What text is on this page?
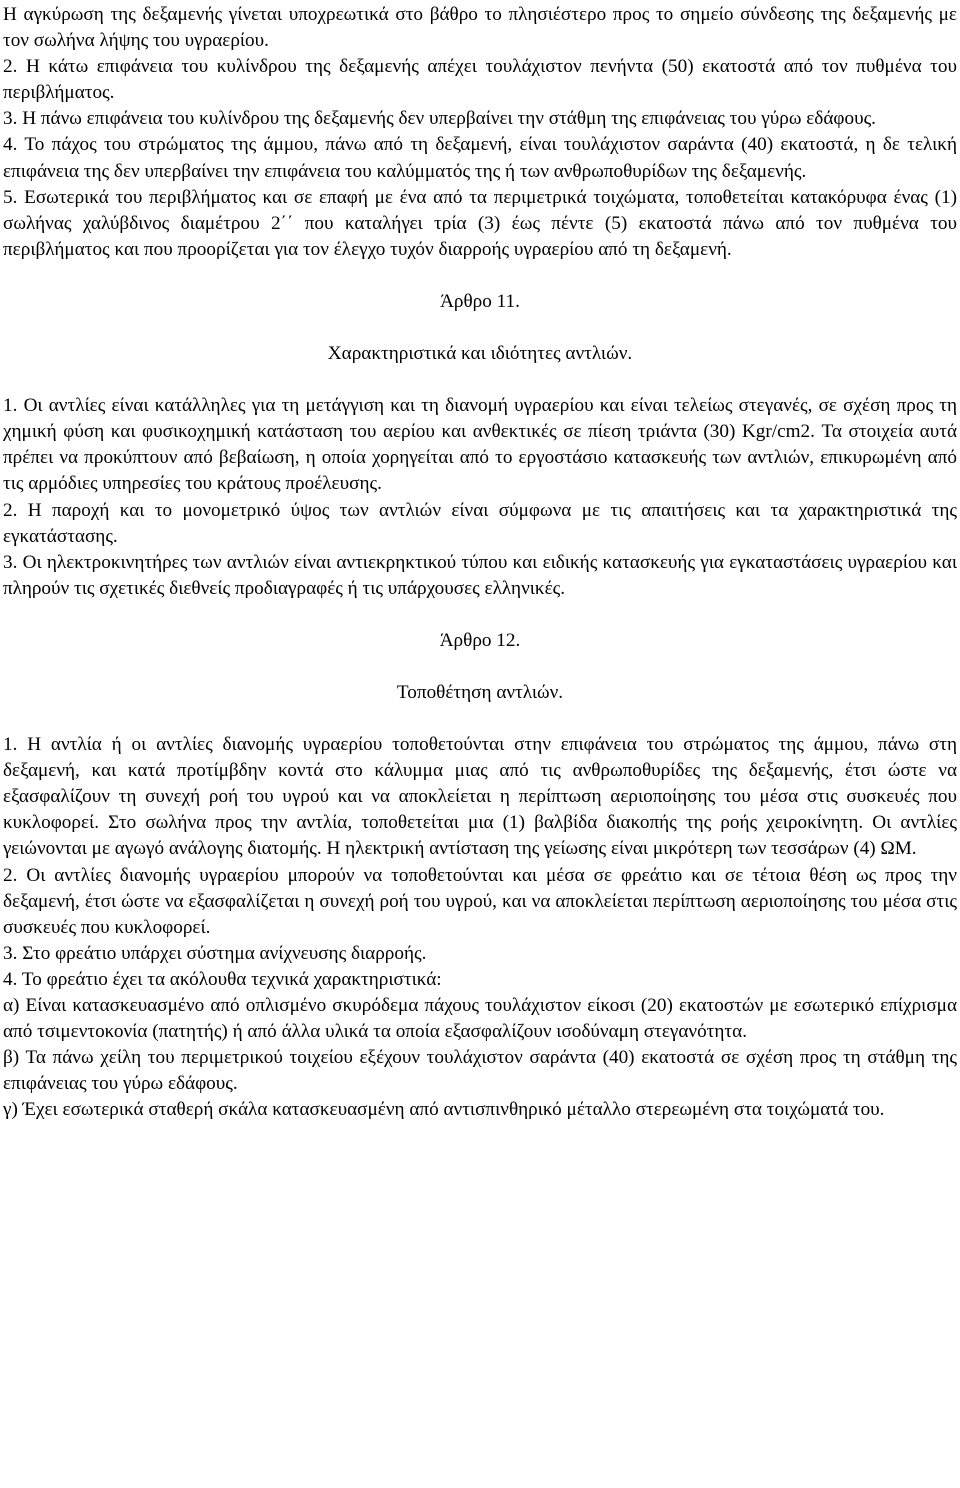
Η αγκύρωση της δεξαμενής γίνεται υποχρεωτικά στο βάθρο το πλησιέστερο προς το σημείο σύνδεσης της δεξαμενής με τον σωλήνα λήψης του υγραερίου.

2. Η κάτω επιφάνεια του κυλίνδρου της δεξαμενής απέχει τουλάχιστον πενήντα (50) εκατοστά από τον πυθμένα του περιβλήματος.

3. Η πάνω επιφάνεια του κυλίνδρου της δεξαμενής δεν υπερβαίνει την στάθμη της επιφάνειας του γύρω εδάφους.

4. Το πάχος του στρώματος της άμμου, πάνω από τη δεξαμενή, είναι τουλάχιστον σαράντα (40) εκατοστά, η δε τελική επιφάνεια της δεν υπερβαίνει την επιφάνεια του καλύμματός της ή των ανθρωποθυρίδων της δεξαμενής.

5. Εσωτερικά του περιβλήματος και σε επαφή με ένα από τα περιμετρικά τοιχώματα, τοποθετείται κατακόρυφα ένας (1) σωλήνας χαλύβδινος διαμέτρου 2΄΄ που καταλήγει τρία (3) έως πέντε (5) εκατοστά πάνω από τον πυθμένα του περιβλήματος και που προορίζεται για τον έλεγχο τυχόν διαρροής υγραερίου από τη δεξαμενή.

Άρθρο 11.

Χαρακτηριστικά και ιδιότητες αντλιών.

1. Οι αντλίες είναι κατάλληλες για τη μετάγγιση και τη διανομή υγραερίου και είναι τελείως στεγανές, σε σχέση προς τη χημική φύση και φυσικοχημική κατάσταση του αερίου και ανθεκτικές σε πίεση τριάντα (30) Kgr/cm2. Τα στοιχεία αυτά πρέπει να προκύπτουν από βεβαίωση, η οποία χορηγείται από το εργοστάσιο κατασκευής των αντλιών, επικυρωμένη από τις αρμόδιες υπηρεσίες του κράτους προέλευσης.

2. Η παροχή και το μονομετρικό ύψος των αντλιών είναι σύμφωνα με τις απαιτήσεις και τα χαρακτηριστικά της εγκατάστασης.

3. Οι ηλεκτροκινητήρες των αντλιών είναι αντιεκρηκτικού τύπου και ειδικής κατασκευής για εγκαταστάσεις υγραερίου και πληρούν τις σχετικές διεθνείς προδιαγραφές ή τις υπάρχουσες ελληνικές.

Άρθρο 12.

Τοποθέτηση αντλιών.

1. Η αντλία ή οι αντλίες διανομής υγραερίου τοποθετούνται στην επιφάνεια του στρώματος της άμμου, πάνω στη δεξαμενή, και κατά προτίμβδην κοντά στο κάλυμμα μιας από τις ανθρωποθυρίδες της δεξαμενής, έτσι ώστε να εξασφαλίζουν τη συνεχή ροή του υγρού και να αποκλείεται η περίπτωση αεριοποίησης του μέσα στις συσκευές που κυκλοφορεί. Στο σωλήνα προς την αντλία, τοποθετείται μια (1) βαλβίδα διακοπής της ροής χειροκίνητη. Οι αντλίες γειώνονται με αγωγό ανάλογης διατομής. Η ηλεκτρική αντίσταση της γείωσης είναι μικρότερη των τεσσάρων (4) ΩΜ.

2. Οι αντλίες διανομής υγραερίου μπορούν να τοποθετούνται και μέσα σε φρεάτιο και σε τέτοια θέση ως προς την δεξαμενή, έτσι ώστε να εξασφαλίζεται η συνεχή ροή του υγρού, και να αποκλείεται περίπτωση αεριοποίησης του μέσα στις συσκευές που κυκλοφορεί.

3. Στο φρεάτιο υπάρχει σύστημα ανίχνευσης διαρροής.

4. Το φρεάτιο έχει τα ακόλουθα τεχνικά χαρακτηριστικά:

α) Είναι κατασκευασμένο από οπλισμένο σκυρόδεμα πάχους τουλάχιστον είκοσι (20) εκατοστών με εσωτερικό επίχρισμα από τσιμεντοκονία (πατητής) ή από άλλα υλικά τα οποία εξασφαλίζουν ισοδύναμη στεγανότητα.

β) Τα πάνω χείλη του περιμετρικού τοιχείου εξέχουν τουλάχιστον σαράντα (40) εκατοστά σε σχέση προς τη στάθμη της επιφάνειας του γύρω εδάφους.

γ) Έχει εσωτερικά σταθερή σκάλα κατασκευασμένη από αντισπινθηρικό μέταλλο στερεωμένη στα τοιχώματά του.
